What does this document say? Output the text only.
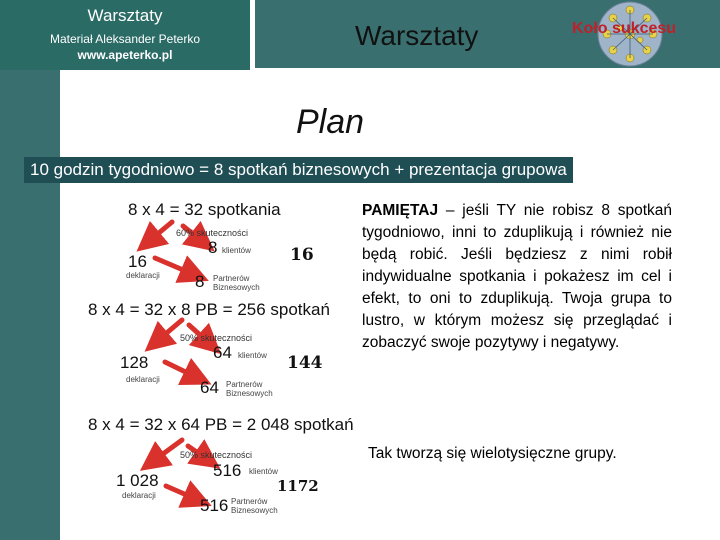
Warsztaty
Materiał Aleksander Peterko
www.apeterko.pl
Warsztaty	Koło sukcesu
Plan
10 godzin tygodniowo = 8 spotkań biznesowych + prezentacja grupowa
8 x 4 = 32 spotkania
60% skuteczności
16
deklaracji
8 klientów
8 Partnerów
Biznesowych
16
8 x 4 = 32 x 8 PB = 256 spotkań
50% skuteczności
128
deklaracji
64 klientów
64 Partnerów
Biznesowych
144
8 x 4 = 32 x 64 PB = 2 048 spotkań
50% skuteczności
1 028
deklaracji
516 klientów
516 Partnerów
Biznesowych
1172
PAMIĘTAJ – jeśli TY nie robisz 8 spotkań tygodniowo, inni to zduplikują i również nie będą robić. Jeśli będziesz z nimi robił indywidualne spotkania i pokażesz im cel i efekt, to oni to zduplikują. Twoja grupa to lustro, w którym możesz się przeglądać i zobaczyć swoje pozytywy i negatywy.
Tak tworzą się wielotysięczne grupy.
